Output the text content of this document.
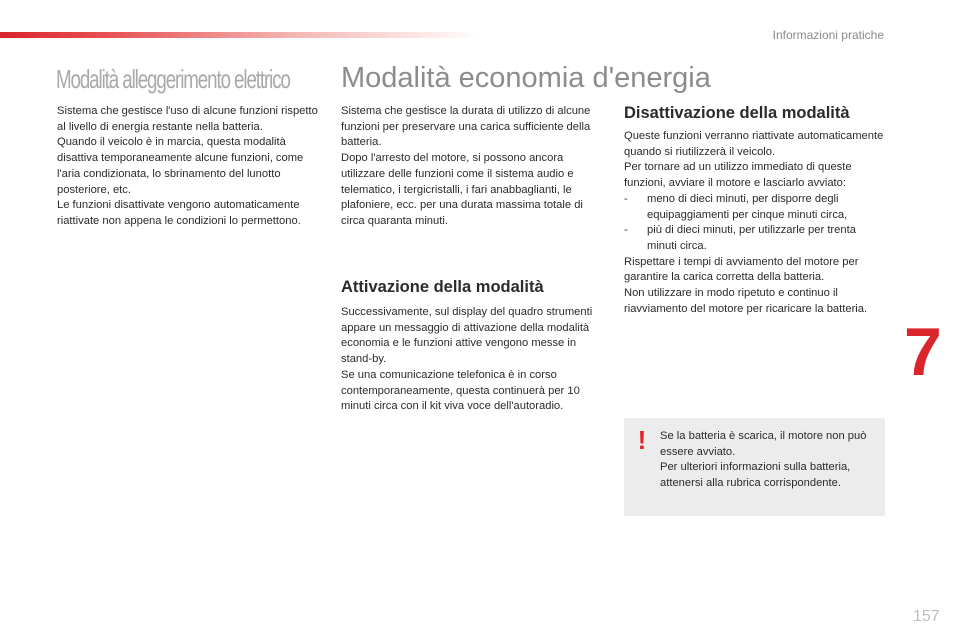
Informazioni pratiche
Modalità alleggerimento elettrico

Sistema che gestisce l'uso di alcune funzioni rispetto al livello di energia restante nella batteria.

Quando il veicolo è in marcia, questa modalità disattiva temporaneamente alcune funzioni, come l'aria condizionata, lo sbrinamento del lunotto posteriore, etc.

Le funzioni disattivate vengono automaticamente riattivate non appena le condizioni lo permettono.

Modalità economia d'energia

Sistema che gestisce la durata di utilizzo di alcune funzioni per preservare una carica sufficiente della batteria.

Dopo l'arresto del motore, si possono ancora utilizzare delle funzioni come il sistema audio e telematico, i tergicristalli, i fari anabbaglianti, le plafoniere, ecc. per una durata massima totale di circa quaranta minuti.

Attivazione della modalità

Successivamente, sul display del quadro strumenti appare un messaggio di attivazione della modalità economia e le funzioni attive vengono messe in stand-by.

Se una comunicazione telefonica è in corso contemporaneamente, questa continuerà per 10 minuti circa con il kit viva voce dell'autoradio.

Disattivazione della modalità

Queste funzioni verranno riattivate automaticamente quando si riutilizzerà il veicolo.

Per tornare ad un utilizzo immediato di queste funzioni, avviare il motore e lasciarlo avviato:

- meno di dieci minuti, per disporre degli equipaggiamenti per cinque minuti circa,

- più di dieci minuti, per utilizzarle per trenta minuti circa.

Rispettare i tempi di avviamento del motore per garantire la carica corretta della batteria.

Non utilizzare in modo ripetuto e continuo il riavviamento del motore per ricaricare la batteria.

7
! Se la batteria è scarica, il motore non può essere avviato.

Per ulteriori informazioni sulla batteria, attenersi alla rubrica corrispondente.

157
